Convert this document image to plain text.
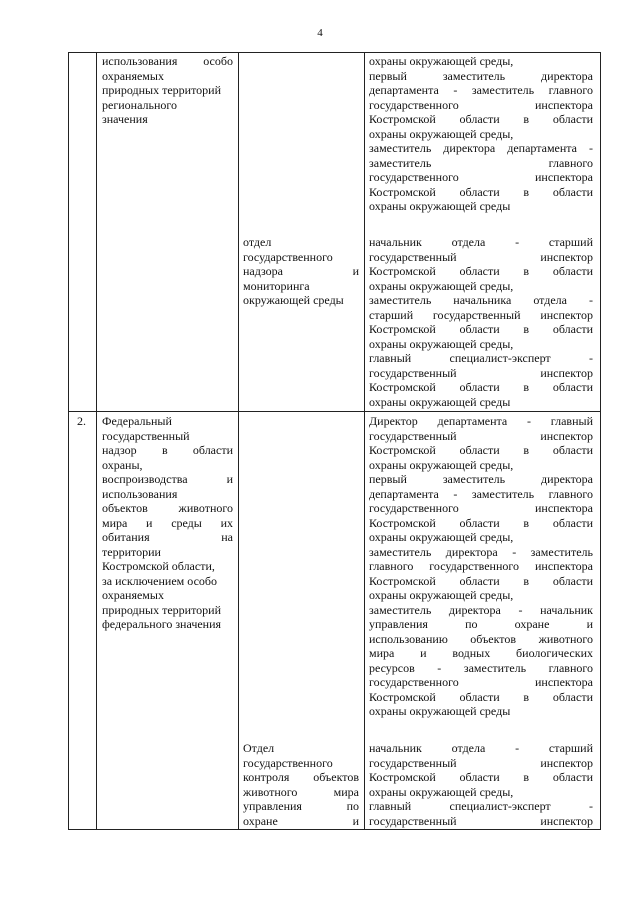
4
использования особо
охраняемых
природных территорий
регионального
значения
охраны окружающей среды,
первый заместитель директора
департамента - заместитель главного
государственного инспектора
Костромской области в области
охраны окружающей среды,
заместитель директора департамента -
заместитель главного
государственного инспектора
Костромской области в области
охраны окружающей среды
отдел
государственного
надзора и
мониторинга
окружающей среды
начальник отдела - старший
государственный инспектор
Костромской области в области
охраны окружающей среды,
заместитель начальника отдела -
старший государственный инспектор
Костромской области в области
охраны окружающей среды,
главный специалист-эксперт -
государственный инспектор
Костромской области в области
охраны окружающей среды
2.	Федеральный
государственный
надзор в области
охраны,
воспроизводства и
использования
объектов животного
мира и среды их
обитания на
территории
Костромской области,
за исключением особо
охраняемых
природных территорий
федерального значения
Директор департамента - главный
государственный инспектор
Костромской области в области
охраны окружающей среды,
первый заместитель директора
департамента - заместитель главного
государственного инспектора
Костромской области в области
охраны окружающей среды,
заместитель директора - заместитель
главного государственного инспектора
Костромской области в области
охраны окружающей среды,
заместитель директора - начальник
управления по охране и
использованию объектов животного
мира и водных биологических
ресурсов - заместитель главного
государственного инспектора
Костромской области в области
охраны окружающей среды
Отдел
государственного
контроля объектов
животного мира
управления по
охране и
начальник отдела - старший
государственный инспектор
Костромской области в области
охраны окружающей среды,
главный специалист-эксперт -
государственный инспектор
